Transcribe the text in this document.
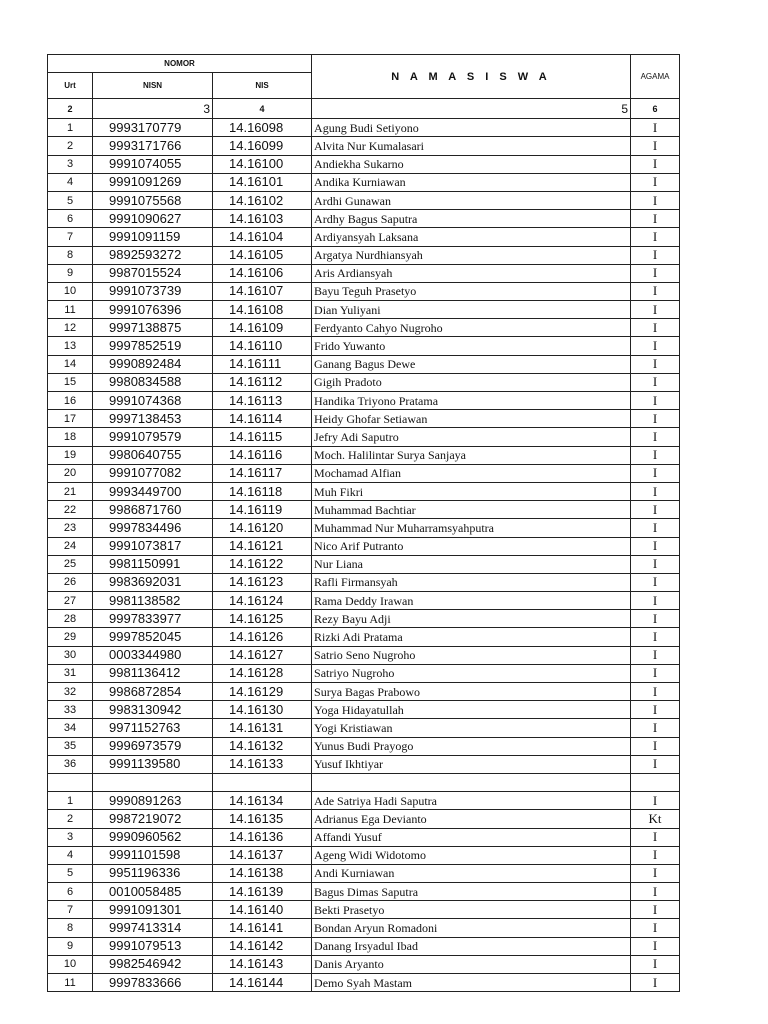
NOMOR			N A M A S I S W A	AGAMA
Urt	NISN	NIS		
2	3	4	5	6
1	9993170779	14.16098	Agung Budi Setiyono	I
2	9993171766	14.16099	Alvita Nur Kumalasari	I
3	9991074055	14.16100	Andiekha Sukarno	I
4	9991091269	14.16101	Andika Kurniawan	I
5	9991075568	14.16102	Ardhi Gunawan	I
6	9991090627	14.16103	Ardhy Bagus Saputra	I
7	9991091159	14.16104	Ardiyansyah Laksana	I
8	9892593272	14.16105	Argatya Nurdhiansyah	I
9	9987015524	14.16106	Aris Ardiansyah	I
10	9991073739	14.16107	Bayu Teguh Prasetyo	I
11	9991076396	14.16108	Dian Yuliyani	I
12	9997138875	14.16109	Ferdyanto Cahyo Nugroho	I
13	9997852519	14.16110	Frido Yuwanto	I
14	9990892484	14.16111	Ganang Bagus Dewe	I
15	9980834588	14.16112	Gigih Pradoto	I
16	9991074368	14.16113	Handika Triyono Pratama	I
17	9997138453	14.16114	Heidy Ghofar Setiawan	I
18	9991079579	14.16115	Jefry Adi Saputro	I
19	9980640755	14.16116	Moch. Halilintar Surya Sanjaya	I
20	9991077082	14.16117	Mochamad Alfian	I
21	9993449700	14.16118	Muh Fikri	I
22	9986871760	14.16119	Muhammad Bachtiar	I
23	9997834496	14.16120	Muhammad Nur Muharramsyahputra	I
24	9991073817	14.16121	Nico Arif Putranto	I
25	9981150991	14.16122	Nur Liana	I
26	9983692031	14.16123	Rafli Firmansyah	I
27	9981138582	14.16124	Rama Deddy Irawan	I
28	9997833977	14.16125	Rezy Bayu Adji	I
29	9997852045	14.16126	Rizki Adi Pratama	I
30	0003344980	14.16127	Satrio Seno Nugroho	I
31	9981136412	14.16128	Satriyo Nugroho	I
32	9986872854	14.16129	Surya Bagas Prabowo	I
33	9983130942	14.16130	Yoga Hidayatullah	I
34	9971152763	14.16131	Yogi Kristiawan	I
35	9996973579	14.16132	Yunus Budi Prayogo	I
36	9991139580	14.16133	Yusuf Ikhtiyar	I

1	9990891263	14.16134	Ade Satriya Hadi Saputra	I
2	9987219072	14.16135	Adrianus Ega Devianto	Kt
3	9990960562	14.16136	Affandi Yusuf	I
4	9991101598	14.16137	Ageng Widi Widotomo	I
5	9951196336	14.16138	Andi Kurniawan	I
6	0010058485	14.16139	Bagus Dimas Saputra	I
7	9991091301	14.16140	Bekti Prasetyo	I
8	9997413314	14.16141	Bondan Aryun Romadoni	I
9	9991079513	14.16142	Danang Irsyadul Ibad	I
10	9982546942	14.16143	Danis Aryanto	I
11	9997833666	14.16144	Demo Syah Mastam	I
